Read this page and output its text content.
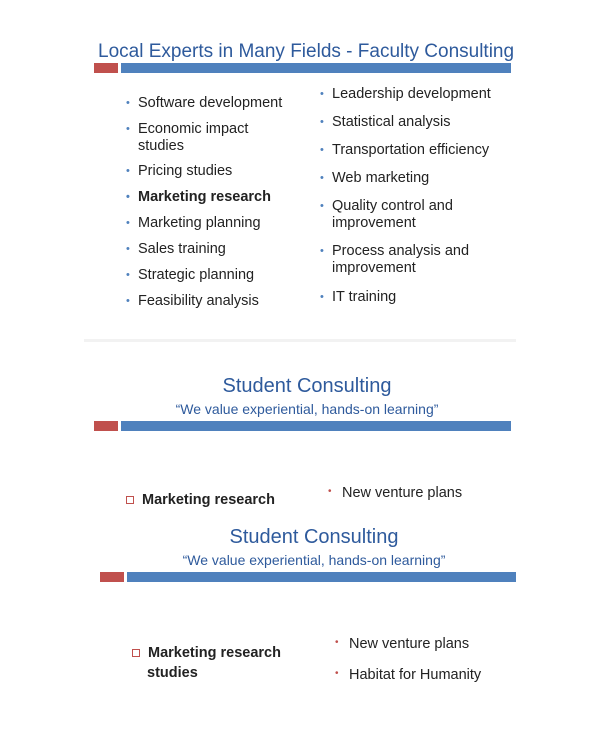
Local Experts in Many Fields - Faculty Consulting
• Software development
• Economic impact
studies
• Pricing studies
• Marketing research
• Marketing planning
• Sales training
• Strategic planning
• Feasibility analysis
• Leadership development
• Statistical analysis
• Transportation efficiency
• Web marketing
• Quality control and
improvement
• Process analysis and
improvement
• IT training
Student Consulting
“We value experiential, hands-on learning”
Marketing research
• New venture plans
Student Consulting
“We value experiential, hands-on learning”
Marketing research
studies
• New venture plans
• Habitat for Humanity
